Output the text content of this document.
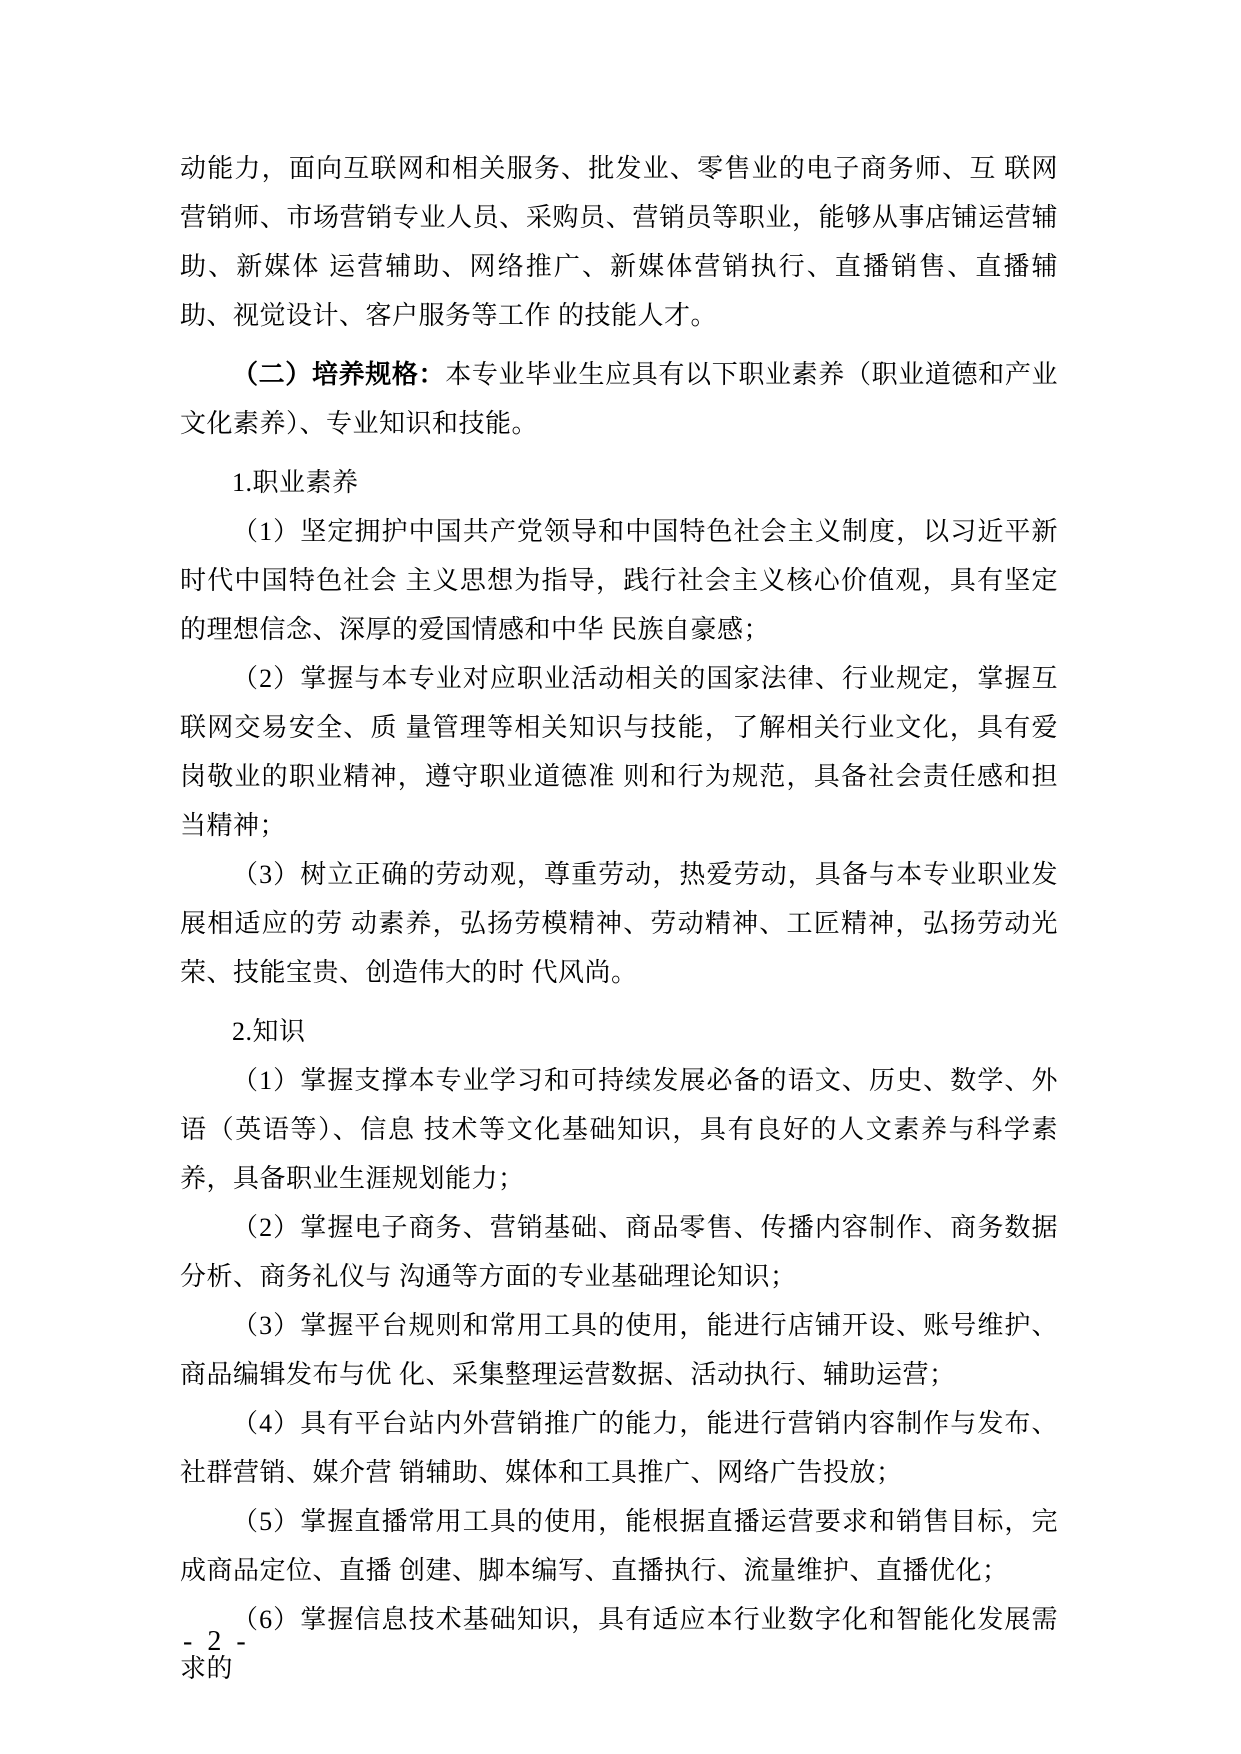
动能力，面向互联网和相关服务、批发业、零售业的电子商务师、互 联网营销师、市场营销专业人员、采购员、营销员等职业，能够从事店铺运营辅助、新媒体 运营辅助、网络推广、新媒体营销执行、直播销售、直播辅助、视觉设计、客户服务等工作 的技能人才。

（二）培养规格：本专业毕业生应具有以下职业素养（职业道德和产业文化素养）、专业知识和技能。

1.职业素养

（1）坚定拥护中国共产党领导和中国特色社会主义制度，以习近平新时代中国特色社会 主义思想为指导，践行社会主义核心价值观，具有坚定的理想信念、深厚的爱国情感和中华 民族自豪感；

（2）掌握与本专业对应职业活动相关的国家法律、行业规定，掌握互联网交易安全、质 量管理等相关知识与技能，了解相关行业文化，具有爱岗敬业的职业精神，遵守职业道德准 则和行为规范，具备社会责任感和担当精神；

（3）树立正确的劳动观，尊重劳动，热爱劳动，具备与本专业职业发展相适应的劳 动素养，弘扬劳模精神、劳动精神、工匠精神，弘扬劳动光荣、技能宝贵、创造伟大的时 代风尚。

2.知识

（1）掌握支撑本专业学习和可持续发展必备的语文、历史、数学、外语（英语等）、信息 技术等文化基础知识，具有良好的人文素养与科学素养，具备职业生涯规划能力；

（2）掌握电子商务、营销基础、商品零售、传播内容制作、商务数据分析、商务礼仪与 沟通等方面的专业基础理论知识；

（3）掌握平台规则和常用工具的使用，能进行店铺开设、账号维护、商品编辑发布与优 化、采集整理运营数据、活动执行、辅助运营；

（4）具有平台站内外营销推广的能力，能进行营销内容制作与发布、社群营销、媒介营 销辅助、媒体和工具推广、网络广告投放；

（5）掌握直播常用工具的使用，能根据直播运营要求和销售目标，完成商品定位、直播 创建、脚本编写、直播执行、流量维护、直播优化；

（6）掌握信息技术基础知识，具有适应本行业数字化和智能化发展需求的

- 2 -
